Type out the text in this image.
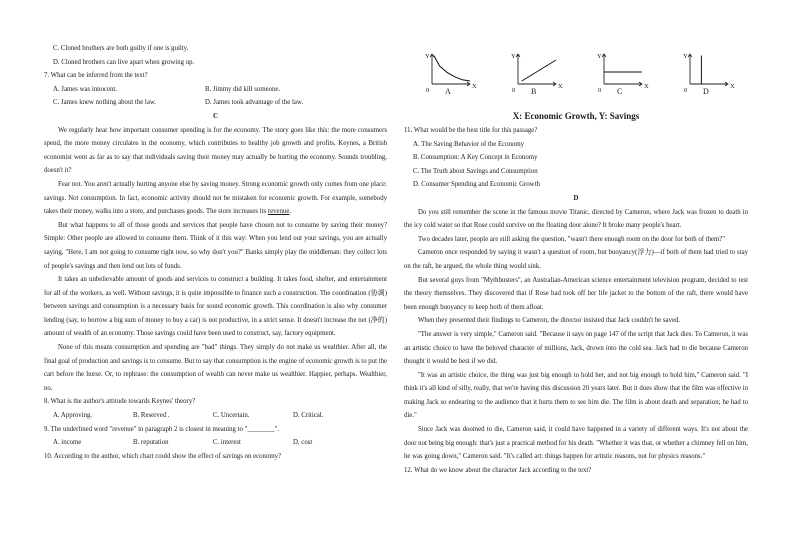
C. Cloned brothers are both guilty if one is guilty.

D. Cloned brothers can live apart when growing up.

7. What can be inferred from the text?

A. James was innocent.	B. Jimmy did kill someone.
C. James knew nothing about the law.	D. James took advantage of the law.

C

We regularly hear how important consumer spending is for the economy. The story goes like this: the more consumers spend, the more money circulates in the economy, which contributes to healthy job growth and profits. Keynes, a British economist went as far as to say that individuals saving their money may actually be hurting the economy. Sounds troubling, doesn't it?

Fear not. You aren't actually hurting anyone else by saving money. Strong economic growth only comes from one place: savings. Not consumption. In fact, economic activity should not be mistaken for economic growth. For example, somebody takes their money, walks into a store, and purchases goods. The store increases its revenue.

But what happens to all of those goods and services that people have chosen not to consume by saving their money? Simple: Other people are allowed to consume them. Think of it this way: When you lend out your savings, you are actually saying, "Here, I am not going to consume right now, so why don't you?" Banks simply play the middleman: they collect lots of people's savings and then lend out lots of funds.

It takes an unbelievable amount of goods and services to construct a building. It takes food, shelter, and entertainment for all of the workers, as well. Without savings, it is quite impossible to finance such a construction. The coordination (协调) between savings and consumption is a necessary basis for sound economic growth. This coordination is also why consumer lending (say, to borrow a big sum of money to buy a car) is not productive, in a strict sense. It doesn't increase the net (净的) amount of wealth of an economy. Those savings could have been used to construct, say, factory equipment.

None of this means consumption and spending are "bad" things. They simply do not make us wealthier. After all, the final goal of production and savings is to consume. But to say that consumption is the engine of economic growth is to put the cart before the horse. Or, to rephrase: the consumption of wealth can never make us wealthier. Happier, perhaps. Wealthier, no.

8. What is the author's attitude towards Keynes' theory?

A. Approving.	B. Reserved .	C. Uncertain.	D. Critical.

9. The underlined word "revenue" in paragraph 2 is closest in meaning to "________".

A. income	B. reputation	C. interest	D. cost

10. According to the author, which chart could show the effect of savings on economy?

Y
X
0 A
Y
X
0 B
Y
X
0 C
Y
X
0 D

X: Economic Growth, Y: Savings

11. What would be the best title for this passage?

A. The Saving Behavior of the Economy

B. Consumption: A Key Concept in Economy

C. The Truth about Savings and Consumption

D. Consumer Spending and Economic Growth

D

Do you still remember the scene in the famous movie Titanic, directed by Cameron, where Jack was frozen to death in the icy cold water so that Rose could survive on the floating door alone? It broke many people's heart.

Two decades later, people are still asking the question, "wasn't there enough room on the door for both of them?"

Cameron once responded by saying it wasn't a question of room, but buoyancy(浮力)—if both of them had tried to stay on the raft, he argued, the whole thing would sink.

But several guys from "Mythbusters", an Australian-American science entertainment television program, decided to test the theory themselves. They discovered that if Rose had took off her life jacket to the bottom of the raft, there would have been enough buoyancy to keep both of them afloat.

When they presented their findings to Cameron, the director insisted that Jack couldn't be saved.

"The answer is very simple," Cameron said. "Because it says on page 147 of the script that Jack dies. To Cameron, it was an artistic choice to have the beloved character of millions, Jack, drown into the cold sea. Jack had to die because Cameron thought it would be best if we did.

"It was an artistic choice, the thing was just big enough to hold her, and not big enough to hold him," Cameron said. "I think it's all kind of silly, really, that we're having this discussion 20 years later. But it does show that the film was effective in making Jack so endearing to the audience that it hurts them to see him die. The film is about death and separation; he had to die."

Since Jack was doomed to die, Cameron said, it could have happened in a variety of different ways. It's not about the door not being big enough: that's just a practical method for his death. "Whether it was that, or whether a chimney fell on him, he was going down," Cameron said. "It's called art: things happen for artistic reasons, not for physics reasons."

12. What do we know about the character Jack according to the text?
